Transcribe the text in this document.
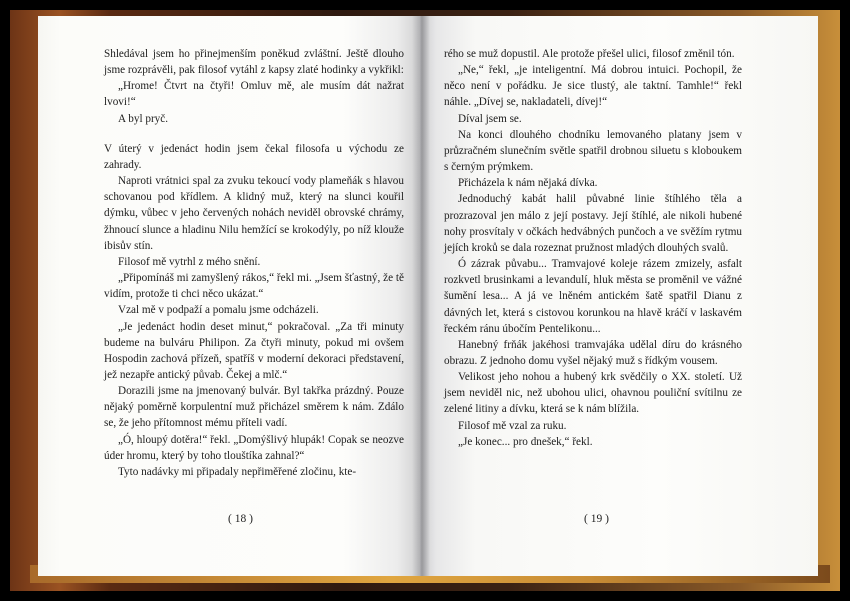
Shledával jsem ho přinejmenším poněkud zvláštní. Ještě dlouho jsme rozprávěli, pak filosof vytáhl z kapsy zlaté hodinky a vykřikl:

„Hrome! Čtvrt na čtyři! Omluv mě, ale musím dát nažrat lvovi!“

A byl pryč.

V úterý v jedenáct hodin jsem čekal filosofa u východu ze zahrady.

Naproti vrátnici spal za zvuku tekoucí vody plameňák s hlavou schovanou pod křídlem. A klidný muž, který na slunci kouřil dýmku, vůbec v jeho červených nohách neviděl obrovské chrámy, žhnoucí slunce a hladinu Nilu hemžící se krokodýly, po níž klouže ibisův stín.

Filosof mě vytrhl z mého snění.

„Připomínáš mi zamyšlený rákos,“ řekl mi. „Jsem šťastný, že tě vidím, protože ti chci něco ukázat.“

Vzal mě v podpaží a pomalu jsme odcházeli.

„Je jedenáct hodin deset minut,“ pokračoval. „Za tři minuty budeme na bulváru Philipon. Za čtyři minuty, pokud mi ovšem Hospodin zachová přízeň, spatříš v moderní dekoraci představení, jež nezapře antický půvab. Čekej a mlč.“

Dorazili jsme na jmenovaný bulvár. Byl takřka prázdný. Pouze nějaký poměrně korpulentní muž přicházel směrem k nám. Zdálo se, že jeho přítomnost mému příteli vadí.

„Ó, hloupý dotěra!“ řekl. „Domýšlivý hlupák! Copak se neozve úder hromu, který by toho tlouštíka zahnal?“

Tyto nadávky mi připadaly nepřiměřené zločinu, kte-

( 18 )

rého se muž dopustil. Ale protože přešel ulici, filosof změnil tón.

„Ne,“ řekl, „je inteligentní. Má dobrou intuici. Pochopil, že něco není v pořádku. Je sice tlustý, ale taktní. Tamhle!“ řekl náhle. „Dívej se, nakladateli, dívej!“

Díval jsem se.

Na konci dlouhého chodníku lemovaného platany jsem v průzračném slunečním světle spatřil drobnou siluetu s kloboukem s černým prýmkem.

Přicházela k nám nějaká dívka.

Jednoduchý kabát halil půvabné linie štíhlého těla a prozrazoval jen málo z její postavy. Její štíhlé, ale nikoli hubené nohy prosvítaly v očkách hedvábných punčoch a ve svěžím rytmu jejích kroků se dala rozeznat pružnost mladých dlouhých svalů.

Ó zázrak půvabu... Tramvajové koleje rázem zmizely, asfalt rozkvetl brusinkami a levandulí, hluk města se proměnil ve vážné šumění lesa... A já ve lněném antickém šatě spatřil Dianu z dávných let, která s cistovou korunkou na hlavě kráčí v laskavém řeckém ránu úbočím Pentelikonu...

Hanebný frňák jakéhosi tramvajáka udělal díru do krásného obrazu. Z jednoho domu vyšel nějaký muž s řídkým vousem.

Velikost jeho nohou a hubený krk svědčily o XX. století. Už jsem neviděl nic, než ubohou ulici, ohavnou pouliční svítilnu ze zelené litiny a dívku, která se k nám blížila.

Filosof mě vzal za ruku.

„Je konec... pro dnešek,“ řekl.

( 19 )
